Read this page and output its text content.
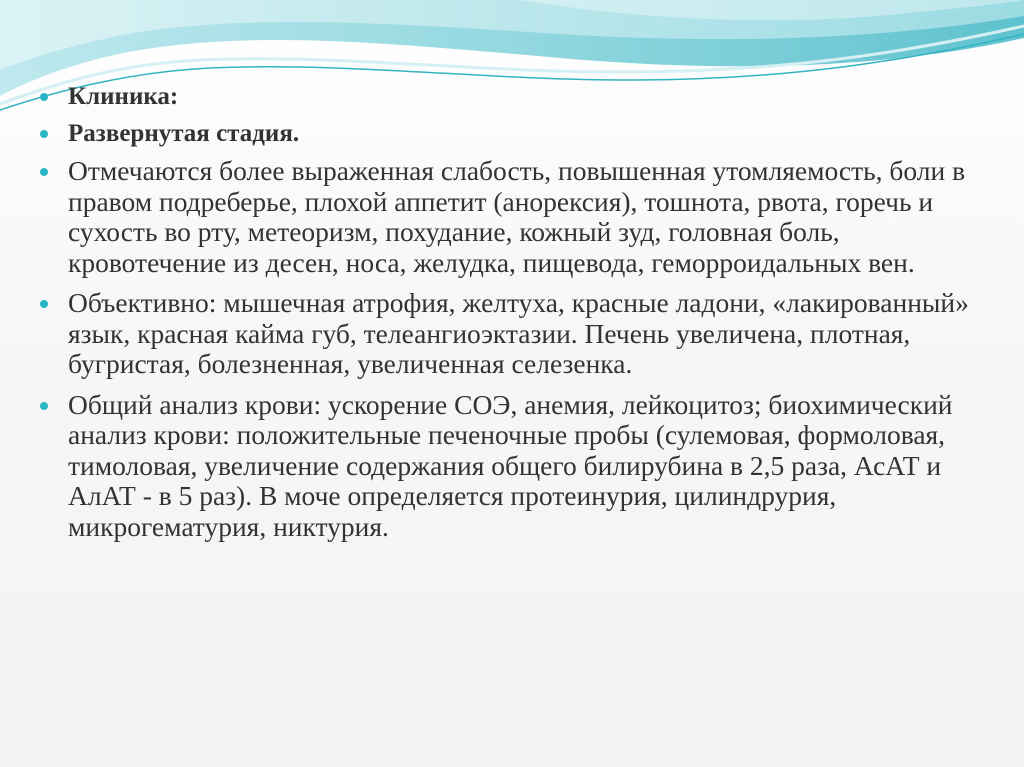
Клиника:
Развернутая стадия.
Отмечаются более выраженная слабость, повышенная утомляемость, боли в правом подреберье, плохой аппетит (анорексия), тошнота, рвота, горечь и сухость во рту, метеоризм, похудание, кожный зуд, головная боль, кровотечение из десен, носа, желудка, пищевода, геморроидальных вен.
Объективно: мышечная атрофия, желтуха, красные ладони, «лакированный» язык, красная кайма губ, телеангиоэктазии. Печень увеличена, плотная, бугристая, болезненная, увеличенная селезенка.
Общий анализ крови: ускорение СОЭ, анемия, лейкоцитоз; биохимический анализ крови: положительные печеночные пробы (сулемовая, формоловая, тимоловая, увеличение содержания общего билирубина в 2,5 раза, АсАТ и АлАТ - в 5 раз). В моче определяется протеинурия, цилиндрурия, микрогематурия, никтурия.
